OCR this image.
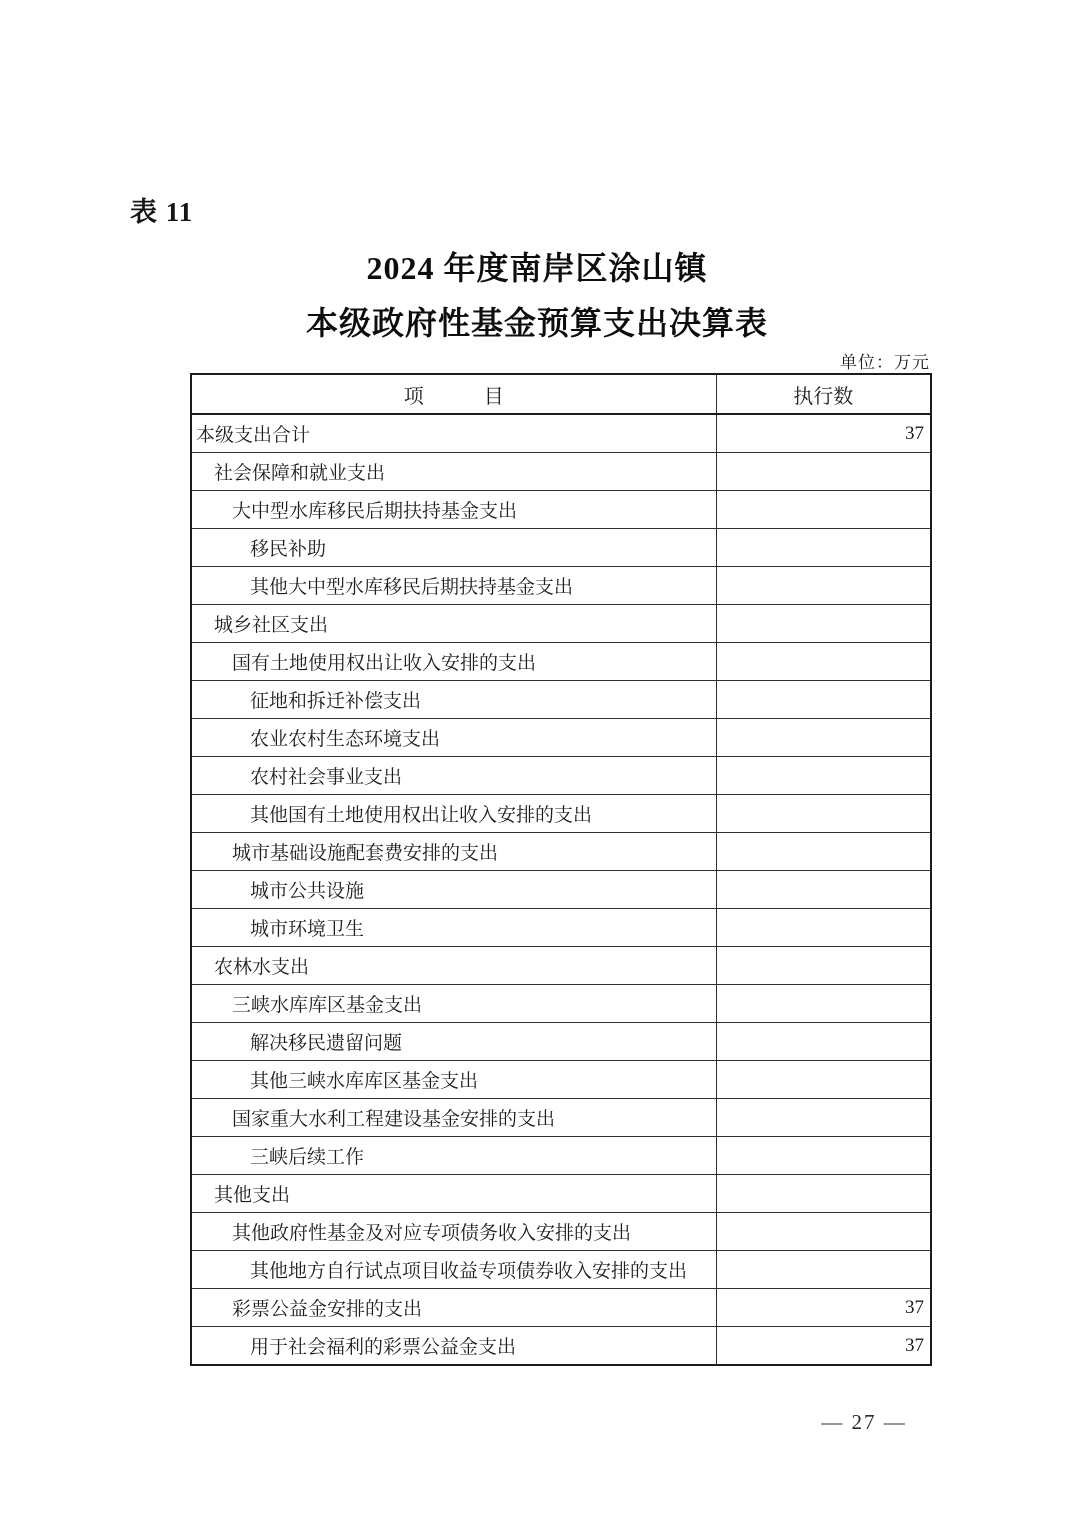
表 11
2024 年度南岸区涂山镇
本级政府性基金预算支出决算表
单位：万元
项　　　目	执行数
本级支出合计	37
社会保障和就业支出	
大中型水库移民后期扶持基金支出	
移民补助	
其他大中型水库移民后期扶持基金支出	
城乡社区支出	
国有土地使用权出让收入安排的支出	
征地和拆迁补偿支出	
农业农村生态环境支出	
农村社会事业支出	
其他国有土地使用权出让收入安排的支出	
城市基础设施配套费安排的支出	
城市公共设施	
城市环境卫生	
农林水支出	
三峡水库库区基金支出	
解决移民遗留问题	
其他三峡水库库区基金支出	
国家重大水利工程建设基金安排的支出	
三峡后续工作	
其他支出	
其他政府性基金及对应专项债务收入安排的支出	
其他地方自行试点项目收益专项债券收入安排的支出	
彩票公益金安排的支出	37
用于社会福利的彩票公益金支出	37
— 27 —
